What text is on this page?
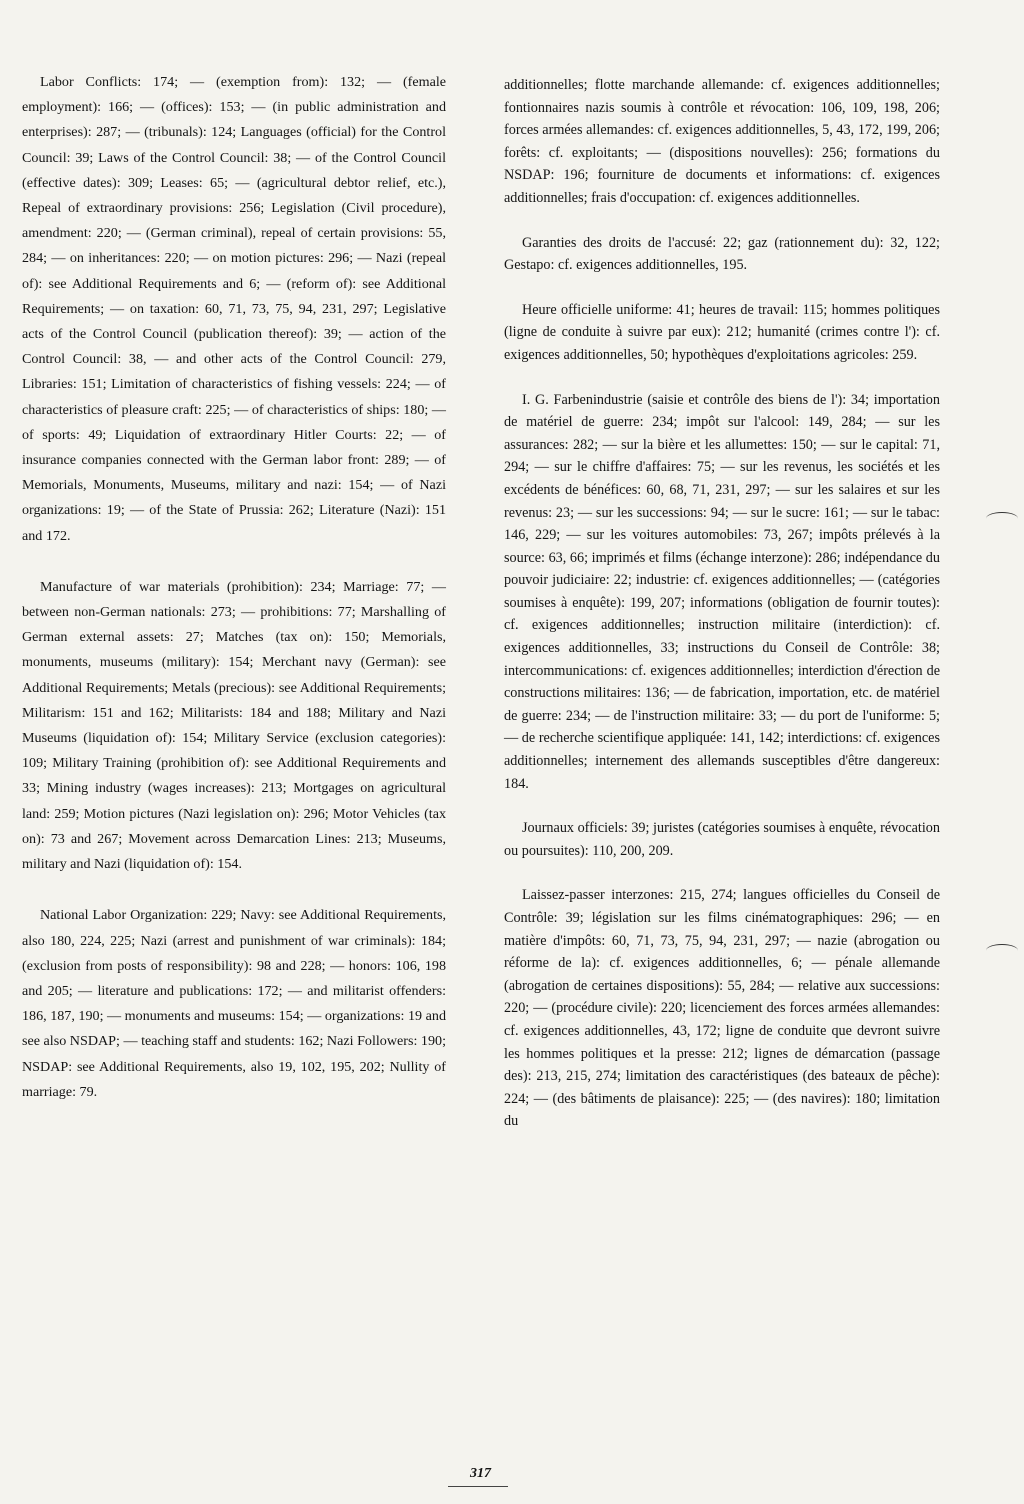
Labor Conflicts: 174; — (exemption from): 132; — (female employment): 166; — (offices): 153; — (in public administration and enterprises): 287; — (tribunals): 124; Languages (official) for the Control Council: 39; Laws of the Control Council: 38; — of the Control Council (effective dates): 309; Leases: 65; — (agricultural debtor relief, etc.), Repeal of extraordinary provisions: 256; Legislation (Civil procedure), amendment: 220; — (German criminal), repeal of certain provisions: 55, 284; — on inheritances: 220; — on motion pictures: 296; — Nazi (repeal of): see Additional Requirements and 6; — (reform of): see Additional Requirements; — on taxation: 60, 71, 73, 75, 94, 231, 297; Legislative acts of the Control Council (publication thereof): 39; — action of the Control Council: 38, — and other acts of the Control Council: 279, Libraries: 151; Limitation of characteristics of fishing vessels: 224; — of characteristics of pleasure craft: 225; — of characteristics of ships: 180; — of sports: 49; Liquidation of extraordinary Hitler Courts: 22; — of insurance companies connected with the German labor front: 289; — of Memorials, Monuments, Museums, military and nazi: 154; — of Nazi organizations: 19; — of the State of Prussia: 262; Literature (Nazi): 151 and 172.

Manufacture of war materials (prohibition): 234; Marriage: 77; — between non-German nationals: 273; — prohibitions: 77; Marshalling of German external assets: 27; Matches (tax on): 150; Memorials, monuments, museums (military): 154; Merchant navy (German): see Additional Requirements; Metals (precious): see Additional Requirements; Militarism: 151 and 162; Militarists: 184 and 188; Military and Nazi Museums (liquidation of): 154; Military Service (exclusion categories): 109; Military Training (prohibition of): see Additional Requirements and 33; Mining industry (wages increases): 213; Mortgages on agricultural land: 259; Motion pictures (Nazi legislation on): 296; Motor Vehicles (tax on): 73 and 267; Movement across Demarcation Lines: 213; Museums, military and Nazi (liquidation of): 154.

National Labor Organization: 229; Navy: see Additional Requirements, also 180, 224, 225; Nazi (arrest and punishment of war criminals): 184; (exclusion from posts of responsibility): 98 and 228; — honors: 106, 198 and 205; — literature and publications: 172; — and militarist offenders: 186, 187, 190; — monuments and museums: 154; — organizations: 19 and see also NSDAP; — teaching staff and students: 162; Nazi Followers: 190; NSDAP: see Additional Requirements, also 19, 102, 195, 202; Nullity of marriage: 79.

additionnelles; flotte marchande allemande: cf. exigences additionnelles; fontionnaires nazis soumis à contrôle et révocation: 106, 109, 198, 206; forces armées allemandes: cf. exigences additionnelles, 5, 43, 172, 199, 206; forêts: cf. exploitants; — (dispositions nouvelles): 256; formations du NSDAP: 196; fourniture de documents et informations: cf. exigences additionnelles; frais d'occupation: cf. exigences additionnelles.

Garanties des droits de l'accusé: 22; gaz (rationnement du): 32, 122; Gestapo: cf. exigences additionnelles, 195.

Heure officielle uniforme: 41; heures de travail: 115; hommes politiques (ligne de conduite à suivre par eux): 212; humanité (crimes contre l'): cf. exigences additionnelles, 50; hypothèques d'exploitations agricoles: 259.

I. G. Farbenindustrie (saisie et contrôle des biens de l'): 34; importation de matériel de guerre: 234; impôt sur l'alcool: 149, 284; — sur les assurances: 282; — sur la bière et les allumettes: 150; — sur le capital: 71, 294; — sur le chiffre d'affaires: 75; — sur les revenus, les sociétés et les excédents de bénéfices: 60, 68, 71, 231, 297; — sur les salaires et sur les revenus: 23; — sur les successions: 94; — sur le sucre: 161; — sur le tabac: 146, 229; — sur les voitures automobiles: 73, 267; impôts prélevés à la source: 63, 66; imprimés et films (échange interzone): 286; indépendance du pouvoir judiciaire: 22; industrie: cf. exigences additionnelles; — (catégories soumises à enquête): 199, 207; informations (obligation de fournir toutes): cf. exigences additionnelles; instruction militaire (interdiction): cf. exigences additionnelles, 33; instructions du Conseil de Contrôle: 38; intercommunications: cf. exigences additionnelles; interdiction d'érection de constructions militaires: 136; — de fabrication, importation, etc. de matériel de guerre: 234; — de l'instruction militaire: 33; — du port de l'uniforme: 5; — de recherche scientifique appliquée: 141, 142; interdictions: cf. exigences additionnelles; internement des allemands susceptibles d'être dangereux: 184.

Journaux officiels: 39; juristes (catégories soumises à enquête, révocation ou poursuites): 110, 200, 209.

Laissez-passer interzones: 215, 274; langues officielles du Conseil de Contrôle: 39; législation sur les films cinématographiques: 296; — en matière d'impôts: 60, 71, 73, 75, 94, 231, 297; — nazie (abrogation ou réforme de la): cf. exigences additionnelles, 6; — pénale allemande (abrogation de certaines dispositions): 55, 284; — relative aux successions: 220; — (procédure civile): 220; licenciement des forces armées allemandes: cf. exigences additionnelles, 43, 172; ligne de conduite que devront suivre les hommes politiques et la presse: 212; lignes de démarcation (passage des): 213, 215, 274; limitation des caractéristiques (des bateaux de pêche): 224; — (des bâtiments de plaisance): 225; — (des navires): 180; limitation du

317
